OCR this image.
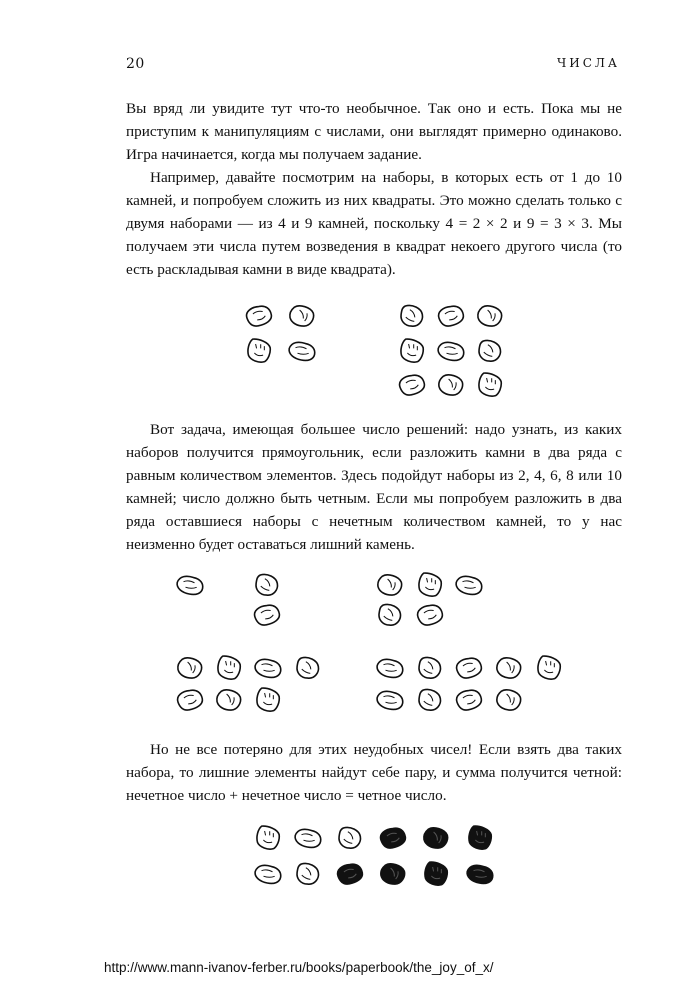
20	ЧИСЛА

Вы вряд ли увидите тут что-то необычное. Так оно и есть. Пока мы не приступим к манипуляциям с числами, они выглядят примерно одинаково. Игра начинается, когда мы получаем задание.

Например, давайте посмотрим на наборы, в которых есть от 1 до 10 камней, и попробуем сложить из них квадраты. Это можно сделать только с двумя наборами — из 4 и 9 камней, поскольку 4 = 2 × 2 и 9 = 3 × 3. Мы получаем эти числа путем возведения в квадрат некоего другого числа (то есть раскладывая камни в виде квадрата).

Вот задача, имеющая большее число решений: надо узнать, из каких наборов получится прямоугольник, если разложить камни в два ряда с равным количеством элементов. Здесь подойдут наборы из 2, 4, 6, 8 или 10 камней; число должно быть четным. Если мы попробуем разложить в два ряда оставшиеся наборы с нечетным количеством камней, то у нас неизменно будет оставаться лишний камень.

Но не все потеряно для этих неудобных чисел! Если взять два таких набора, то лишние элементы найдут себе пару, и сумма получится четной: нечетное число + нечетное число = четное число.

http://www.mann-ivanov-ferber.ru/books/paperbook/the_joy_of_x/
